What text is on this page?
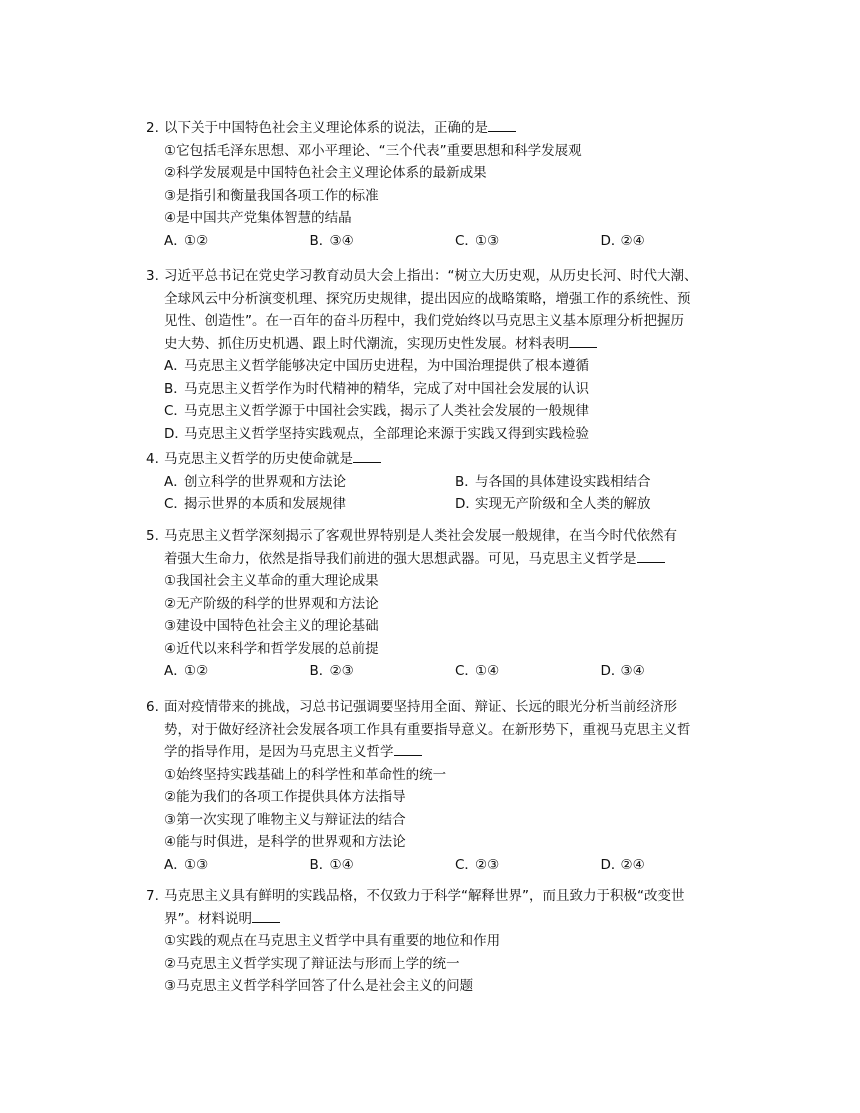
2. 以下关于中国特色社会主义理论体系的说法，正确的是
①它包括毛泽东思想、邓小平理论、“三个代表”重要思想和科学发展观
②科学发展观是中国特色社会主义理论体系的最新成果
③是指引和衡量我国各项工作的标准
④是中国共产党集体智慧的结晶
A．①②	B．③④	C．①③	D．②④
3. 习近平总书记在党史学习教育动员大会上指出：“树立大历史观，从历史长河、时代大潮、
全球风云中分析演变机理、探究历史规律，提出因应的战略策略，增强工作的系统性、预
见性、创造性”。在一百年的奋斗历程中，我们党始终以马克思主义基本原理分析把握历
史大势、抓住历史机遇、跟上时代潮流，实现历史性发展。材料表明
A．马克思主义哲学能够决定中国历史进程，为中国治理提供了根本遵循
B．马克思主义哲学作为时代精神的精华，完成了对中国社会发展的认识
C．马克思主义哲学源于中国社会实践，揭示了人类社会发展的一般规律
D．马克思主义哲学坚持实践观点，全部理论来源于实践又得到实践检验
4. 马克思主义哲学的历史使命就是
A．创立科学的世界观和方法论	B．与各国的具体建设实践相结合
C．揭示世界的本质和发展规律	D．实现无产阶级和全人类的解放
5. 马克思主义哲学深刻揭示了客观世界特别是人类社会发展一般规律，在当今时代依然有
着强大生命力，依然是指导我们前进的强大思想武器。可见，马克思主义哲学是
①我国社会主义革命的重大理论成果
②无产阶级的科学的世界观和方法论
③建设中国特色社会主义的理论基础
④近代以来科学和哲学发展的总前提
A．①②	B．②③	C．①④	D．③④
6. 面对疫情带来的挑战，习总书记强调要坚持用全面、辩证、长远的眼光分析当前经济形
势，对于做好经济社会发展各项工作具有重要指导意义。在新形势下，重视马克思主义哲
学的指导作用，是因为马克思主义哲学
①始终坚持实践基础上的科学性和革命性的统一
②能为我们的各项工作提供具体方法指导
③第一次实现了唯物主义与辩证法的结合
④能与时俱进，是科学的世界观和方法论
A．①③	B．①④	C．②③	D．②④
7. 马克思主义具有鲜明的实践品格，不仅致力于科学“解释世界”，而且致力于积极“改变世
界”。材料说明
①实践的观点在马克思主义哲学中具有重要的地位和作用
②马克思主义哲学实现了辩证法与形而上学的统一
③马克思主义哲学科学回答了什么是社会主义的问题
